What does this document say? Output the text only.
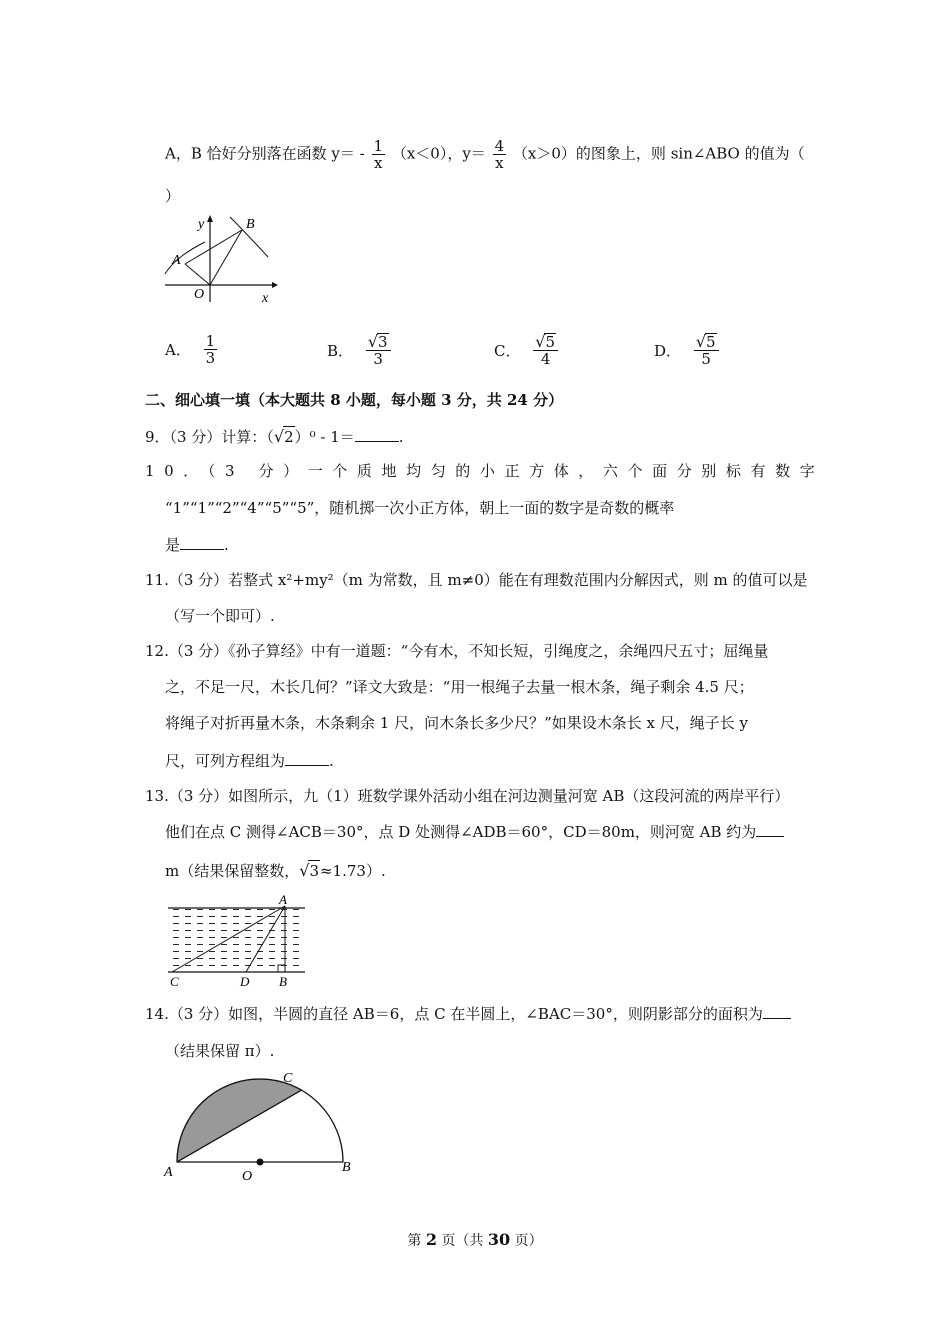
A，B 恰好分别落在函数 $y= - \frac{1}{x} (x<0)$，$y= \frac{4}{x} (x>0)$的图象上，则 sin∠ABO 的值为（
）
y	B
A
O	x
A． $\frac{1}{3}$	B． $\frac{√3}{3}$	C． $\frac{√5}{4}$	D． $\frac{√5}{5}$
二、细心填一填（本大题共 8 小题，每小题 3 分，共 24 分）
9．（3 分）计算：（√2）⁰ - 1＝	.
10．（3 分）一个质地均匀的小正方体，六个面分别标有数字
“1”“1”“2”“4”“5”“5”，随机掷一次小正方体，朝上一面的数字是奇数的概率
是	.
11.（3 分）若整式 x²+my²（m 为常数，且 m≠0）能在有理数范围内分解因式，则 m 的值可以是
（写一个即可）.
12.（3 分）《孙子算经》中有一道题：“今有木，不知长短，引绳度之，余绳四尺五寸；屈绳量
之，不足一尺，木长几何？”译文大致是：“用一根绳子去量一根木条，绳子剩余 4.5 尺；
将绳子对折再量木条，木条剩余 1 尺，问木条长多少尺？”如果设木条长 x 尺，绳子长 y
尺，可列方程组为	.
13.（3 分）如图所示，九（1）班数学课外活动小组在河边测量河宽 AB（这段河流的两岸平行）
他们在点 C 测得∠ACB＝30°，点 D 处测得∠ADB＝60°，CD＝80m，则河宽 AB 约为
m（结果保留整数，√3≈1.73）.
A
C	D B
14.（3 分）如图，半圆的直径 AB＝6，点 C 在半圆上，∠BAC＝30°，则阴影部分的面积为
（结果保留 π）.
C
A	O
B
第 2 页（共 30 页）
